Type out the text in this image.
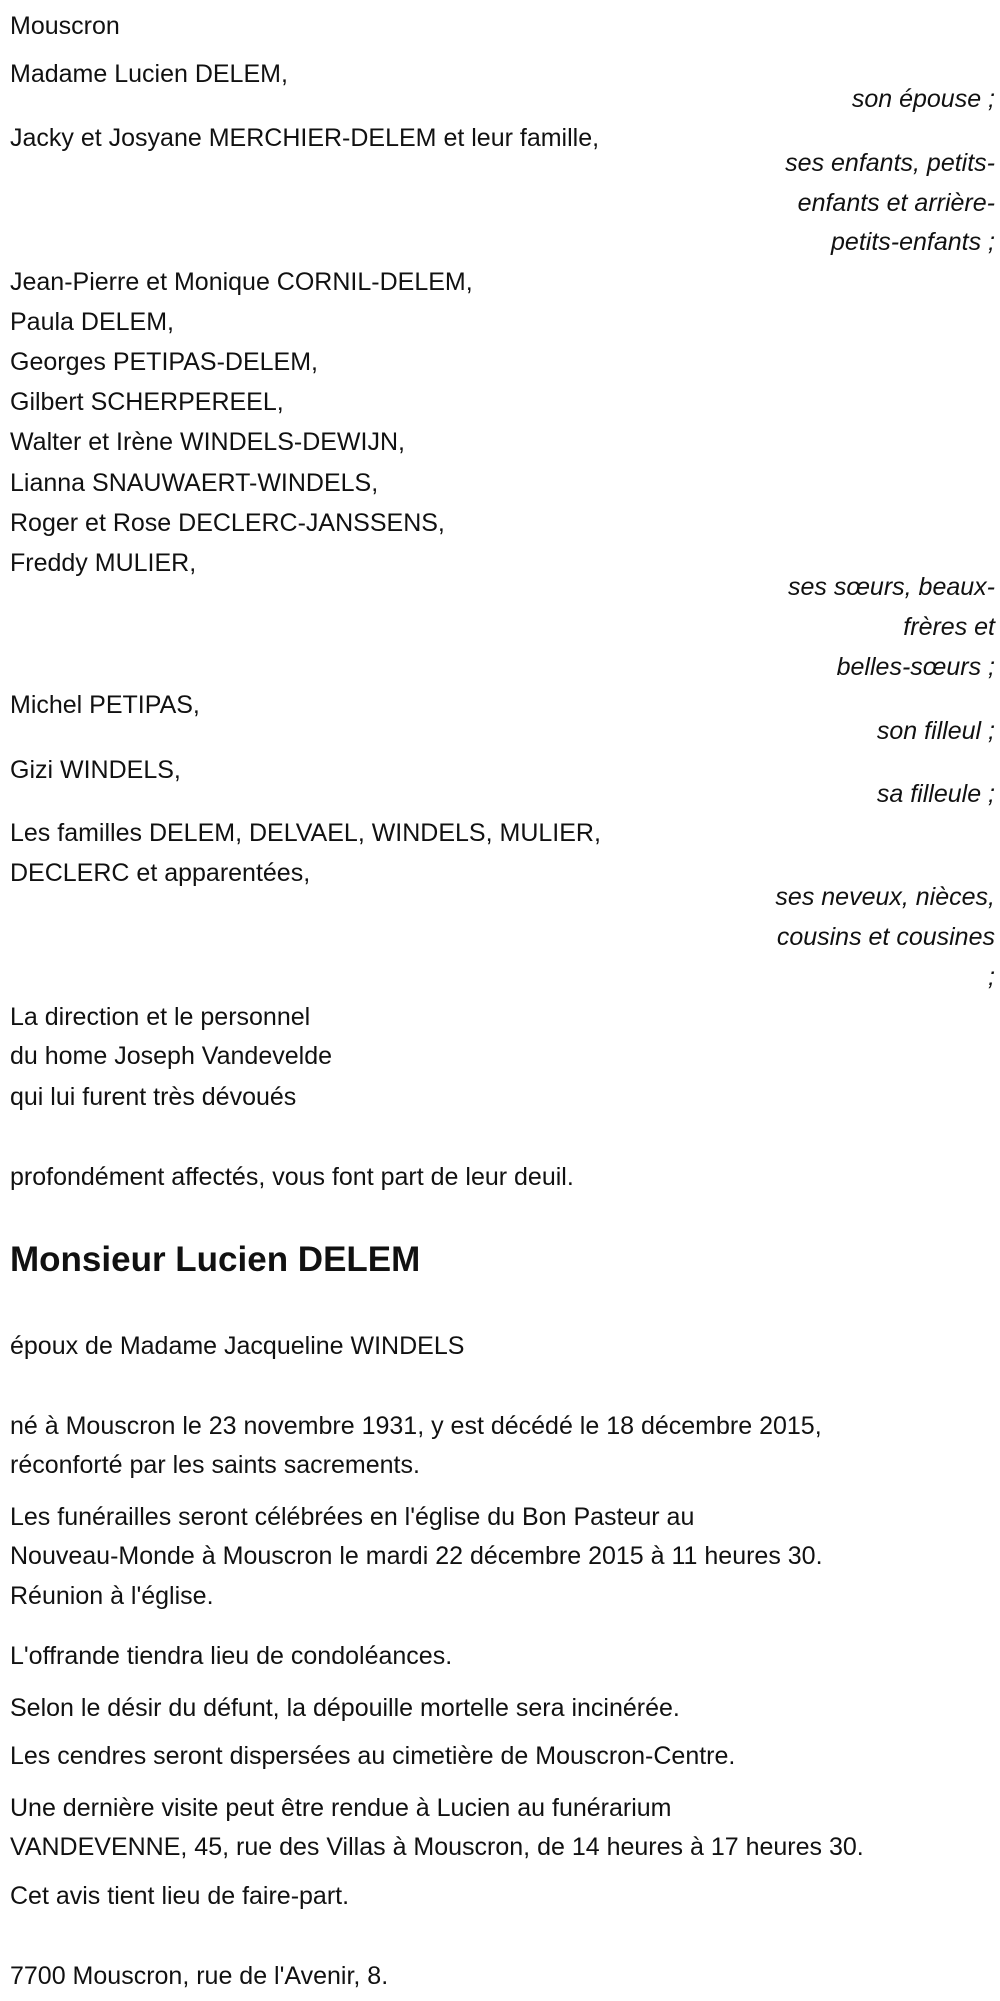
Mouscron
Madame Lucien DELEM,
son épouse ;
Jacky et Josyane MERCHIER-DELEM et leur famille,
ses enfants, petits-
enfants et arrière-
petits-enfants ;
Jean-Pierre et Monique CORNIL-DELEM,
Paula DELEM,
Georges PETIPAS-DELEM,
Gilbert SCHERPEREEL,
Walter et Irène WINDELS-DEWIJN,
Lianna SNAUWAERT-WINDELS,
Roger et Rose DECLERC-JANSSENS,
Freddy MULIER,
ses sœurs, beaux-
frères et
belles-sœurs ;
Michel PETIPAS,
son filleul ;
Gizi WINDELS,
sa filleule ;
Les familles DELEM, DELVAEL, WINDELS, MULIER,
DECLERC et apparentées,
ses neveux, nièces,
cousins et cousines
;
La direction et le personnel
du home Joseph Vandevelde
qui lui furent très dévoués
profondément affectés, vous font part de leur deuil.
Monsieur Lucien DELEM
époux de Madame Jacqueline WINDELS
né à Mouscron le 23 novembre 1931, y est décédé le 18 décembre 2015,
réconforté par les saints sacrements.
Les funérailles seront célébrées en l'église du Bon Pasteur au
Nouveau-Monde à Mouscron le mardi 22 décembre 2015 à 11 heures 30.
Réunion à l'église.
L'offrande tiendra lieu de condoléances.
Selon le désir du défunt, la dépouille mortelle sera incinérée.
Les cendres seront dispersées au cimetière de Mouscron-Centre.
Une dernière visite peut être rendue à Lucien au funérarium
VANDEVENNE, 45, rue des Villas à Mouscron, de 14 heures à 17 heures 30.
Cet avis tient lieu de faire-part.
7700 Mouscron, rue de l'Avenir, 8.
